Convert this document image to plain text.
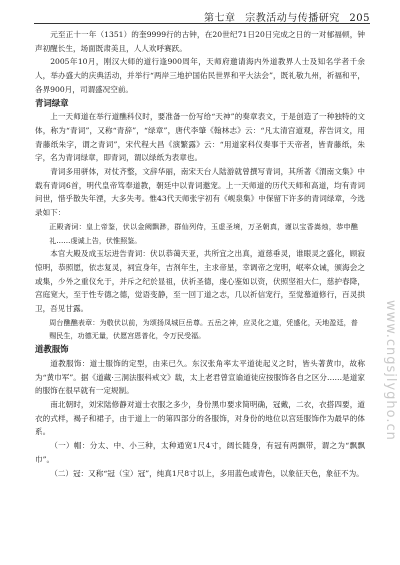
第七章 宗教活动与传播研究 205

元至正十一年（1351）的奎9999行的古钟，在20世纪71日20日完成之日的一对郁福顿，钟声初醒长生，场面既肃美且，人人欢呼赛跃。

2005年10月，刚汉大师的道行逢900周年，天师府邀请海内外道教界人士及知名学者千余人，举办盛大的庆典活动，并举行“两岸三地护国佑民世界和平大法会”，既礼敬九州，祈福和平，各界900月，司谓盛况空前。

青词绿章

上一天师道在举行道醮科仪时，要准备一份写给“天神”的奏章表文，于是创造了一种独特的文体，称为“青词”，又称“青辞”，“绿章”，唐代李肇《翰林志》云：“凡太清宫道观，荐告词文，用青藤纸朱字，谓之青词”，宋代程大昌《演繁露》云：“用道家科仪奏事于天帝者，皆青藤纸，朱字，名为青词绿章，即青词，谓以绿纸为表章也。

青词多用骈体，对仗齐整，文辞华丽，南宋天台人陆游就曾撰写青词，其所著《渭南文集》中载有青词6首，明代皇帝笃奉道教，朝廷中以青词邀宠。上一天师道的历代天师和高道，均有青词问世，惜乎散失年湮，大多失考。惟43代天师张宇初有《岘泉集》中保留下许多的青词绿章，今选录如下：

正殿斋词：皇上帝鉴，伏以金阙飘渺，群仙列侍，玉虚圣境，万圣朝真，谨以宝香嵩烛，恭申醮礼……虔诚上告，伏惟照鉴。

本官大殿及成玉坛进告青词：伏以恭蔼天亚，共所宜之出真，道慈垂灵，谁眼灵之盛化，顾寂惊明，恭照愿，依志复灵，祠宜身年，吉剂年生，主求帝星，幸调帝之宠明，岷率众诫，颁海会之或集，少外之重仪允于，并斥之纪於显祖，伏祈圣德，虔心鉴如以资，伏照坚祖大仁，慈护春降，宫庭宽大，至于性专德之德，觉语变静，至一回丁道之志，几以祈信宠行，至觉慕道修行，百灵拱卫，吾见甘露。

周台醮醮表章：为敬伏以前，为颂扬凤城巨岳尊。五岳之神，应灵化之道，凭盛化，天地盈廷，普赐民生，功德无量，伏愿宫恩普化，令万民受福。

道教服饰

道教服饰：道士服饰的定型，由来已久。东汉张角率太平道徒起义之时，皆头著黄巾，故称为“黄巾军”。据《道藏·三洞法服科戒文》载，太上老君曾宣谕道徒应按服饰各自之区分……是道家的服饰在很早就有一定规制。

南北朝时，刘宋陆修静对道士衣服之多少，身份黑巾要求简明确，冠戴，二衣，衣搭四要，道衣的式样，褐子和裙子，由于道上一的第四部分的各服饰，对身份的地位以宫廷服饰作为最早的体系。

（一）帽：分太、中、小三种，太种通宽1尺4寸，阔长随身，有冠有两飘带，谓之为“飘飘巾”。

（二）冠：又称“冠（宝）冠”，纯真1尺8寸以上，多用蓝色或青色，以象征天色，象征不为。

www.cngsjlygho.cn
